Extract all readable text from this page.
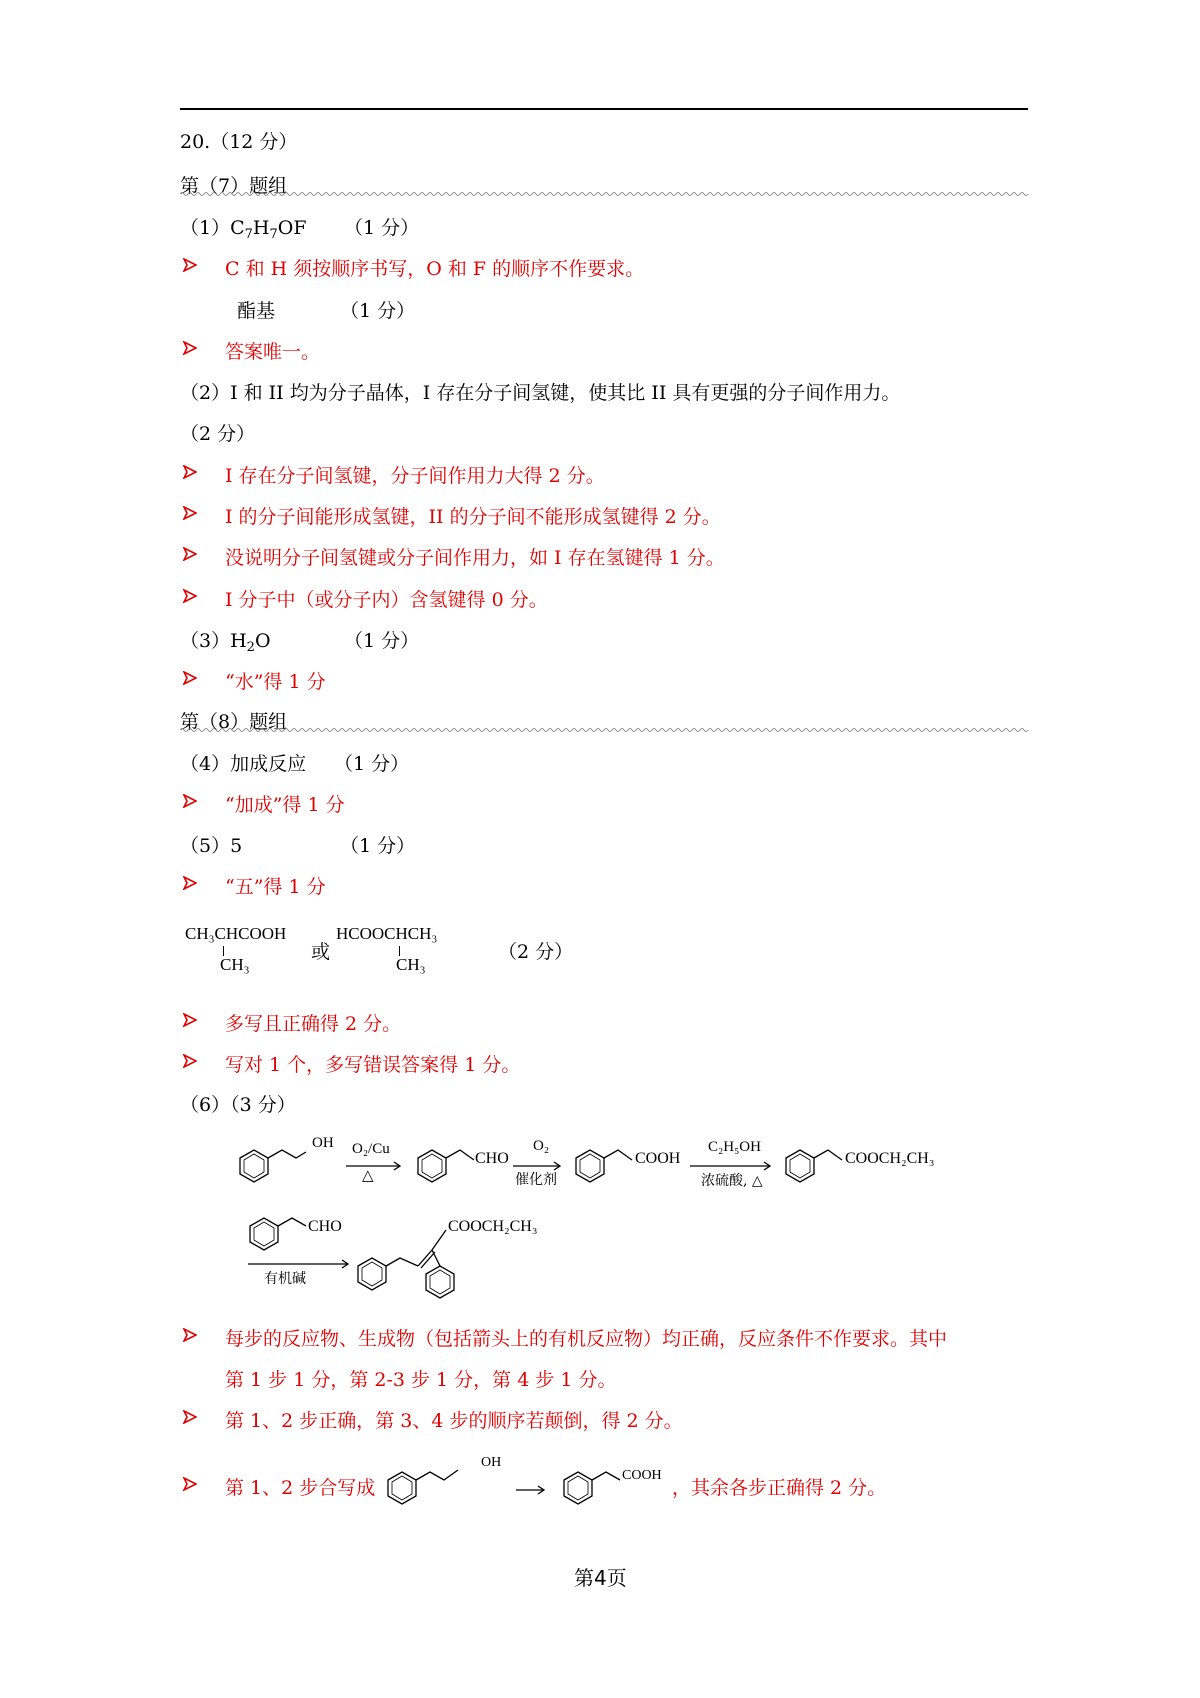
20.（12 分）
第（7）题组
$(1)C_7H_7OF$ （1 分）
C 和 H 须按顺序书写，O 和 F 的顺序不作要求。
酯基	（1 分）
答案唯一。
（2）I 和 II 均为分子晶体，I 存在分子间氢键，使其比 II 具有更强的分子间作用力。
（2 分）
I 存在分子间氢键，分子间作用力大得 2 分。
I 的分子间能形成氢键，II 的分子间不能形成氢键得 2 分。
没说明分子间氢键或分子间作用力，如 I 存在氢键得 1 分。
I 分子中（或分子内）含氢键得 0 分。
$(3)H_2O$	（1 分）
“水”得 1 分
第（8）题组
（4）加成反应 （1 分）
“加成”得 1 分
（5）5	（1 分）
“五”得 1 分
CH₃CHCOOH
CH₃
或
HCOOCHCH₃
CH₃
（2 分）
多写且正确得 2 分。
写对 1 个，多写错误答案得 1 分。
（6）（3 分）
OH O₂/Cu
△
CHO
O₂
催化剂
COOH
C₂H₅OH
浓硫酸, △
COOCH₂CH₃
CHO
有机碱
COOCH₂CH₃
每步的反应物、生成物（包括箭头上的有机反应物）均正确，反应条件不作要求。其中
第 1 步 1 分，第 2-3 步 1 分，第 4 步 1 分。
第 1、2 步正确，第 3、4 步的顺序若颠倒，得 2 分。
第 1、2 步合写成
OH
COOH
，其余各步正确得 2 分。
第4页
